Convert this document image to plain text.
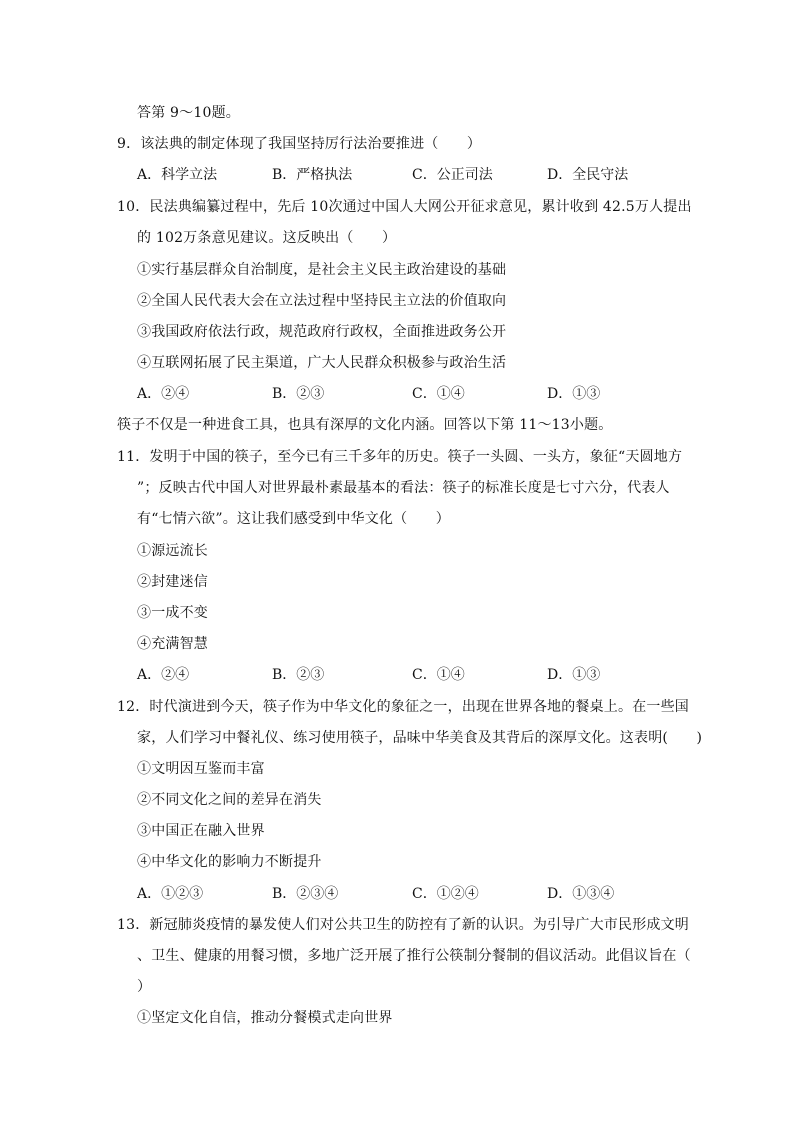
答第 9～10题。
9．该法典的制定体现了我国坚持厉行法治要推进（　　）
A．科学立法	B．严格执法	C．公正司法	D．全民守法
10．民法典编纂过程中，先后 10次通过中国人大网公开征求意见，累计收到 42.5万人提出
的 102万条意见建议。这反映出（　　）
①实行基层群众自治制度，是社会主义民主政治建设的基础
②全国人民代表大会在立法过程中坚持民主立法的价值取向
③我国政府依法行政，规范政府行政权，全面推进政务公开
④互联网拓展了民主渠道，广大人民群众积极参与政治生活
A．②④	B．②③	C．①④	D．①③
筷子不仅是一种进食工具，也具有深厚的文化内涵。回答以下第 11～13小题。
11．发明于中国的筷子，至今已有三千多年的历史。筷子一头圆、一头方，象征“天圆地方
”；反映古代中国人对世界最朴素最基本的看法：筷子的标准长度是七寸六分，代表人
有“七情六欲”。这让我们感受到中华文化（　　）
①源远流长
②封建迷信
③一成不变
④充满智慧
A．②④	B．②③	C．①④	D．①③
12．时代演进到今天，筷子作为中华文化的象征之一，出现在世界各地的餐桌上。在一些国
家，人们学习中餐礼仪、练习使用筷子，品味中华美食及其背后的深厚文化。这表明(　　)
①文明因互鉴而丰富
②不同文化之间的差异在消失
③中国正在融入世界
④中华文化的影响力不断提升
A．①②③	B．②③④	C．①②④	D．①③④
13．新冠肺炎疫情的暴发使人们对公共卫生的防控有了新的认识。为引导广大市民形成文明
、卫生、健康的用餐习惯，多地广泛开展了推行公筷制分餐制的倡议活动。此倡议旨在（
）
①坚定文化自信，推动分餐模式走向世界
